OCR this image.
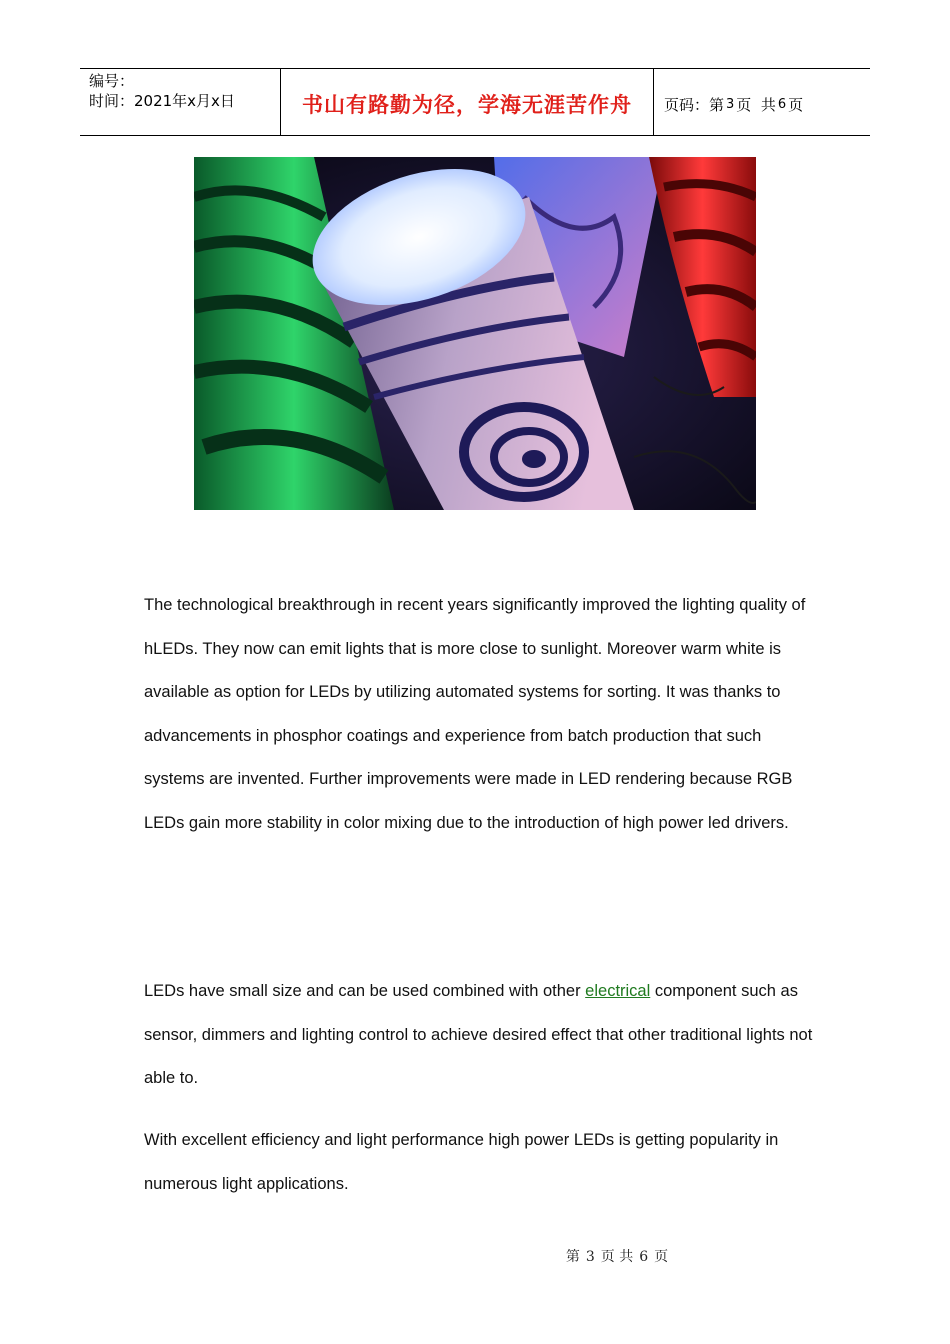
编号：
时间：2021年x月x日	书山有路勤为径，学海无涯苦作舟	页码：第 3 页  共 6 页

The technological breakthrough in recent years significantly improved the lighting quality of hLEDs. They now can emit lights that is more close to sunlight. Moreover warm white is available as option for LEDs by utilizing automated systems for sorting. It was thanks to advancements in phosphor coatings and experience from batch production that such systems are invented. Further improvements were made in LED rendering because RGB LEDs gain more stability in color mixing due to the introduction of high power led drivers.

LEDs have small size and can be used combined with other electrical component such as sensor, dimmers and lighting control to achieve desired effect that other traditional lights not able to.

With excellent efficiency and light performance high power LEDs is getting popularity in numerous light applications.

第 3 页 共 6 页
